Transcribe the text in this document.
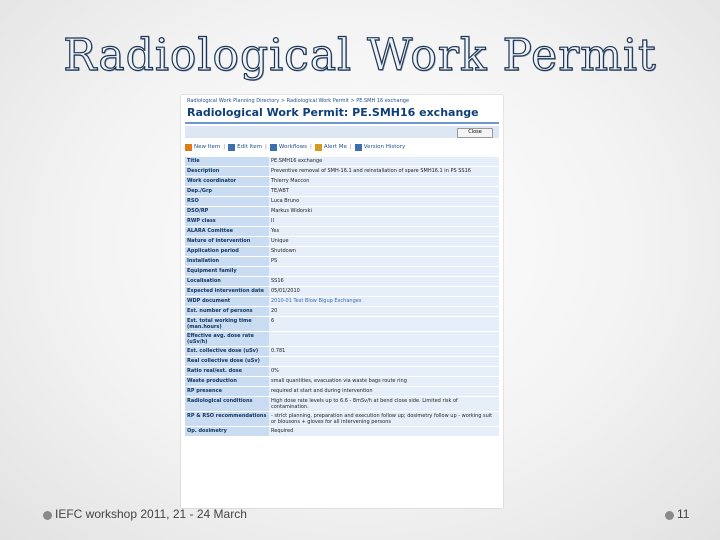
Radiological Work Permit
Radiological Work Planning Directory > Radiological Work Permit > PE.SMH 16 exchange
Radiological Work Permit: PE.SMH16 exchange
Close
New Item | Edit Item | Workflows | Alert Me | Version History
Title	PE.SMH16 exchange
Description	Preventive removal of SMH-16.1 and reinstallation of spare SMH16.1 in PS SS16
Work coordinator	Thierry Maccon
Dep./Grp	TE/ABT
RSO	Luca Bruno
DSO/RP	Markus Widorski
RWP class	II
ALARA Comittee	Yes
Nature of intervention	Unique
Application period	Shutdown
Installation	PS
Equipment family	
Localisation	SS16
Expected intervention date	05/01/2010
WDP document	2010-01 Test Blow Bigup Exchanges
Est. number of persons	20
Est. total working time (man.hours)	6
Effective avg. dose rate (uSv/h)	
Est. collective dose (uSv)	0.781
Real collective dose (uSv)	
Ratio real/est. dose	0%
Waste production	small quantities, evacuation via waste bags route ring
RP presence	required at start and during intervention
Radiological conditions	High dose rate levels up to 6.6 - 8mSv/h at bend close side. Limited risk of contamination.
RP & RSO recommendations	- strict planning, preparation and execution follow up; dosimetry follow up - working suit or blousons + gloves for all intervening persons
Op. dosimetry	Required
IEFC workshop 2011, 21 - 24 March	11
